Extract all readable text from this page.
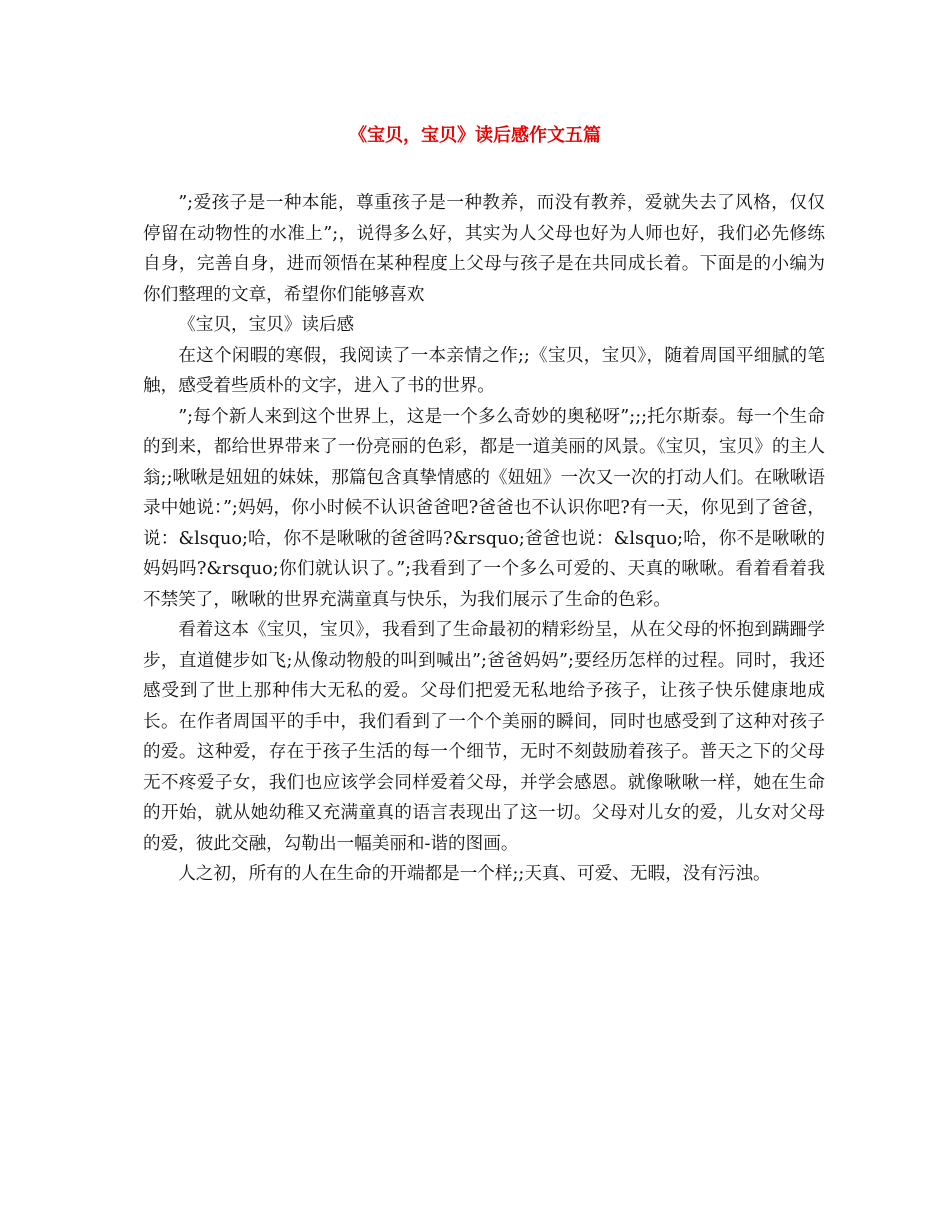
《宝贝，宝贝》读后感作文五篇

”;爱孩子是一种本能，尊重孩子是一种教养，而没有教养，爱就失去了风格，仅仅停留在动物性的水准上”;，说得多么好，其实为人父母也好为人师也好，我们必先修练自身，完善自身，进而领悟在某种程度上父母与孩子是在共同成长着。下面是的小编为你们整理的文章，希望你们能够喜欢

《宝贝，宝贝》读后感

在这个闲暇的寒假，我阅读了一本亲情之作;;《宝贝，宝贝》，随着周国平细腻的笔触，感受着些质朴的文字，进入了书的世界。

”;每个新人来到这个世界上，这是一个多么奇妙的奥秘呀”;;;托尔斯泰。每一个生命的到来，都给世界带来了一份亮丽的色彩，都是一道美丽的风景。《宝贝，宝贝》的主人翁;;啾啾是妞妞的妹妹，那篇包含真挚情感的《妞妞》一次又一次的打动人们。在啾啾语录中她说：”;妈妈，你小时候不认识爸爸吧?爸爸也不认识你吧?有一天，你见到了爸爸，说：&lsquo;哈，你不是啾啾的爸爸吗?&rsquo;爸爸也说：&lsquo;哈，你不是啾啾的妈妈吗?&rsquo;你们就认识了。”;我看到了一个多么可爱的、天真的啾啾。看着看着我不禁笑了，啾啾的世界充满童真与快乐，为我们展示了生命的色彩。

看着这本《宝贝，宝贝》，我看到了生命最初的精彩纷呈，从在父母的怀抱到蹒跚学步，直道健步如飞;从像动物般的叫到喊出”;爸爸妈妈”;要经历怎样的过程。同时，我还感受到了世上那种伟大无私的爱。父母们把爱无私地给予孩子，让孩子快乐健康地成长。在作者周国平的手中，我们看到了一个个美丽的瞬间，同时也感受到了这种对孩子的爱。这种爱，存在于孩子生活的每一个细节，无时不刻鼓励着孩子。普天之下的父母无不疼爱子女，我们也应该学会同样爱着父母，并学会感恩。就像啾啾一样，她在生命的开始，就从她幼稚又充满童真的语言表现出了这一切。父母对儿女的爱，儿女对父母的爱，彼此交融，勾勒出一幅美丽和-谐的图画。

人之初，所有的人在生命的开端都是一个样;;天真、可爱、无暇，没有污浊。
